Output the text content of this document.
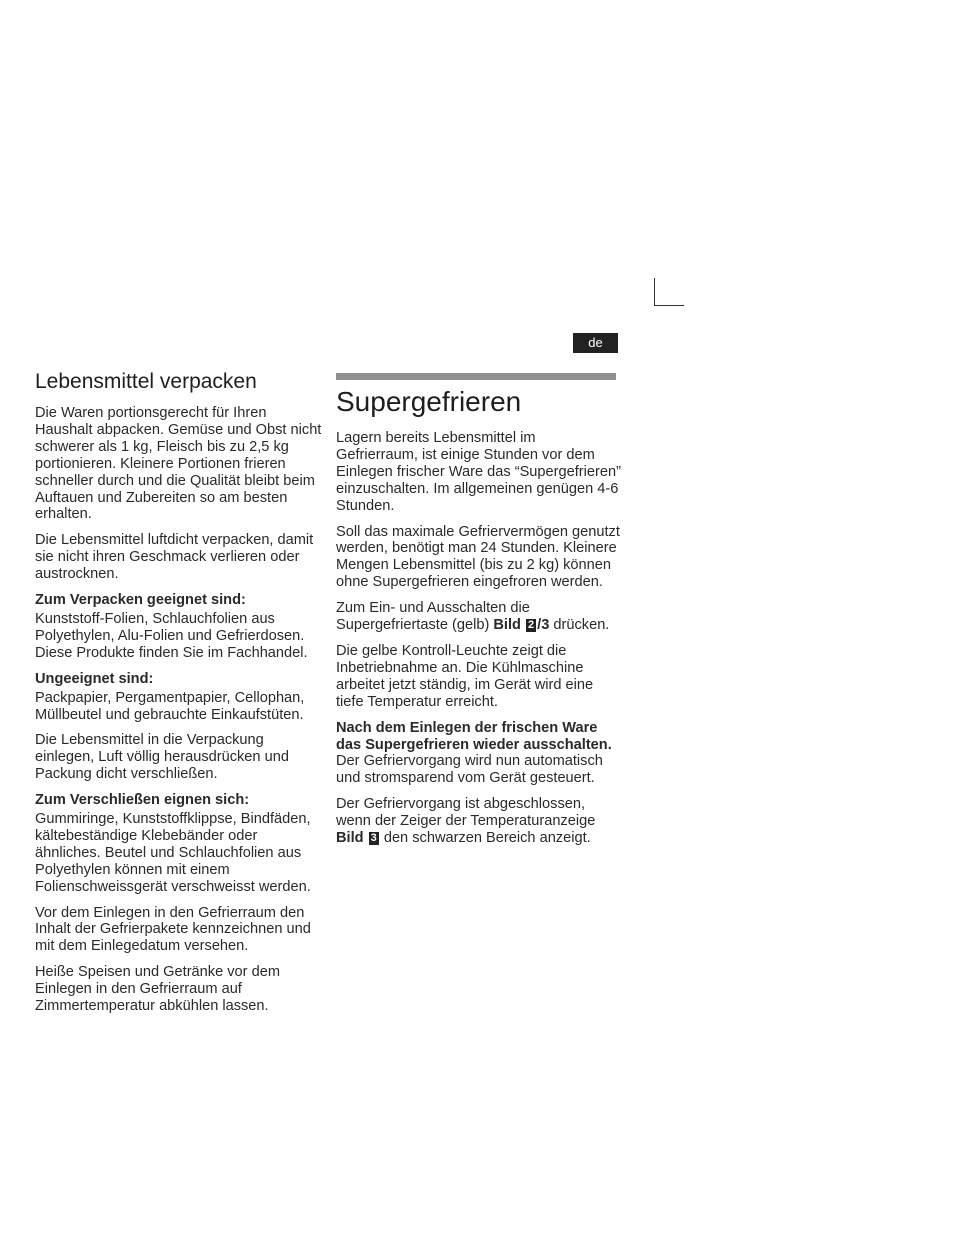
de
Lebensmittel verpacken

Die Waren portionsgerecht für Ihren Haushalt abpacken. Gemüse und Obst nicht schwerer als 1 kg, Fleisch bis zu 2,5 kg portionieren. Kleinere Portionen frieren schneller durch und die Qualität bleibt beim Auftauen und Zubereiten so am besten erhalten.

Die Lebensmittel luftdicht verpacken, damit sie nicht ihren Geschmack verlieren oder austrocknen.

Zum Verpacken geeignet sind:

Kunststoff-Folien, Schlauchfolien aus Polyethylen, Alu-Folien und Gefrierdosen. Diese Produkte finden Sie im Fachhandel.

Ungeeignet sind:

Packpapier, Pergamentpapier, Cellophan, Müllbeutel und gebrauchte Einkaufstüten.

Die Lebensmittel in die Verpackung einlegen, Luft völlig herausdrücken und Packung dicht verschließen.

Zum Verschließen eignen sich:

Gummiringe, Kunststoffklippse, Bindfäden, kältebeständige Klebebänder oder ähnliches. Beutel und Schlauchfolien aus Polyethylen können mit einem Folienschweissgerät verschweisst werden.

Vor dem Einlegen in den Gefrierraum den Inhalt der Gefrierpakete kennzeichnen und mit dem Einlegedatum versehen.

Heiße Speisen und Getränke vor dem Einlegen in den Gefrierraum auf Zimmertemperatur abkühlen lassen.

Supergefrieren

Lagern bereits Lebensmittel im Gefrierraum, ist einige Stunden vor dem Einlegen frischer Ware das “Supergefrieren” einzuschalten. Im allgemeinen genügen 4-6 Stunden.

Soll das maximale Gefriervermögen genutzt werden, benötigt man 24 Stunden. Kleinere Mengen Lebensmittel (bis zu 2 kg) können ohne Supergefrieren eingefroren werden.

Zum Ein- und Ausschalten die Supergefriertaste (gelb) Bild 2 /3 drücken.

Die gelbe Kontroll-Leuchte zeigt die Inbetriebnahme an. Die Kühlmaschine arbeitet jetzt ständig, im Gerät wird eine tiefe Temperatur erreicht.

Nach dem Einlegen der frischen Ware das Supergefrieren wieder ausschalten. Der Gefriervorgang wird nun automatisch und stromsparend vom Gerät gesteuert.

Der Gefriervorgang ist abgeschlossen, wenn der Zeiger der Temperaturanzeige Bild 3 den schwarzen Bereich anzeigt.
